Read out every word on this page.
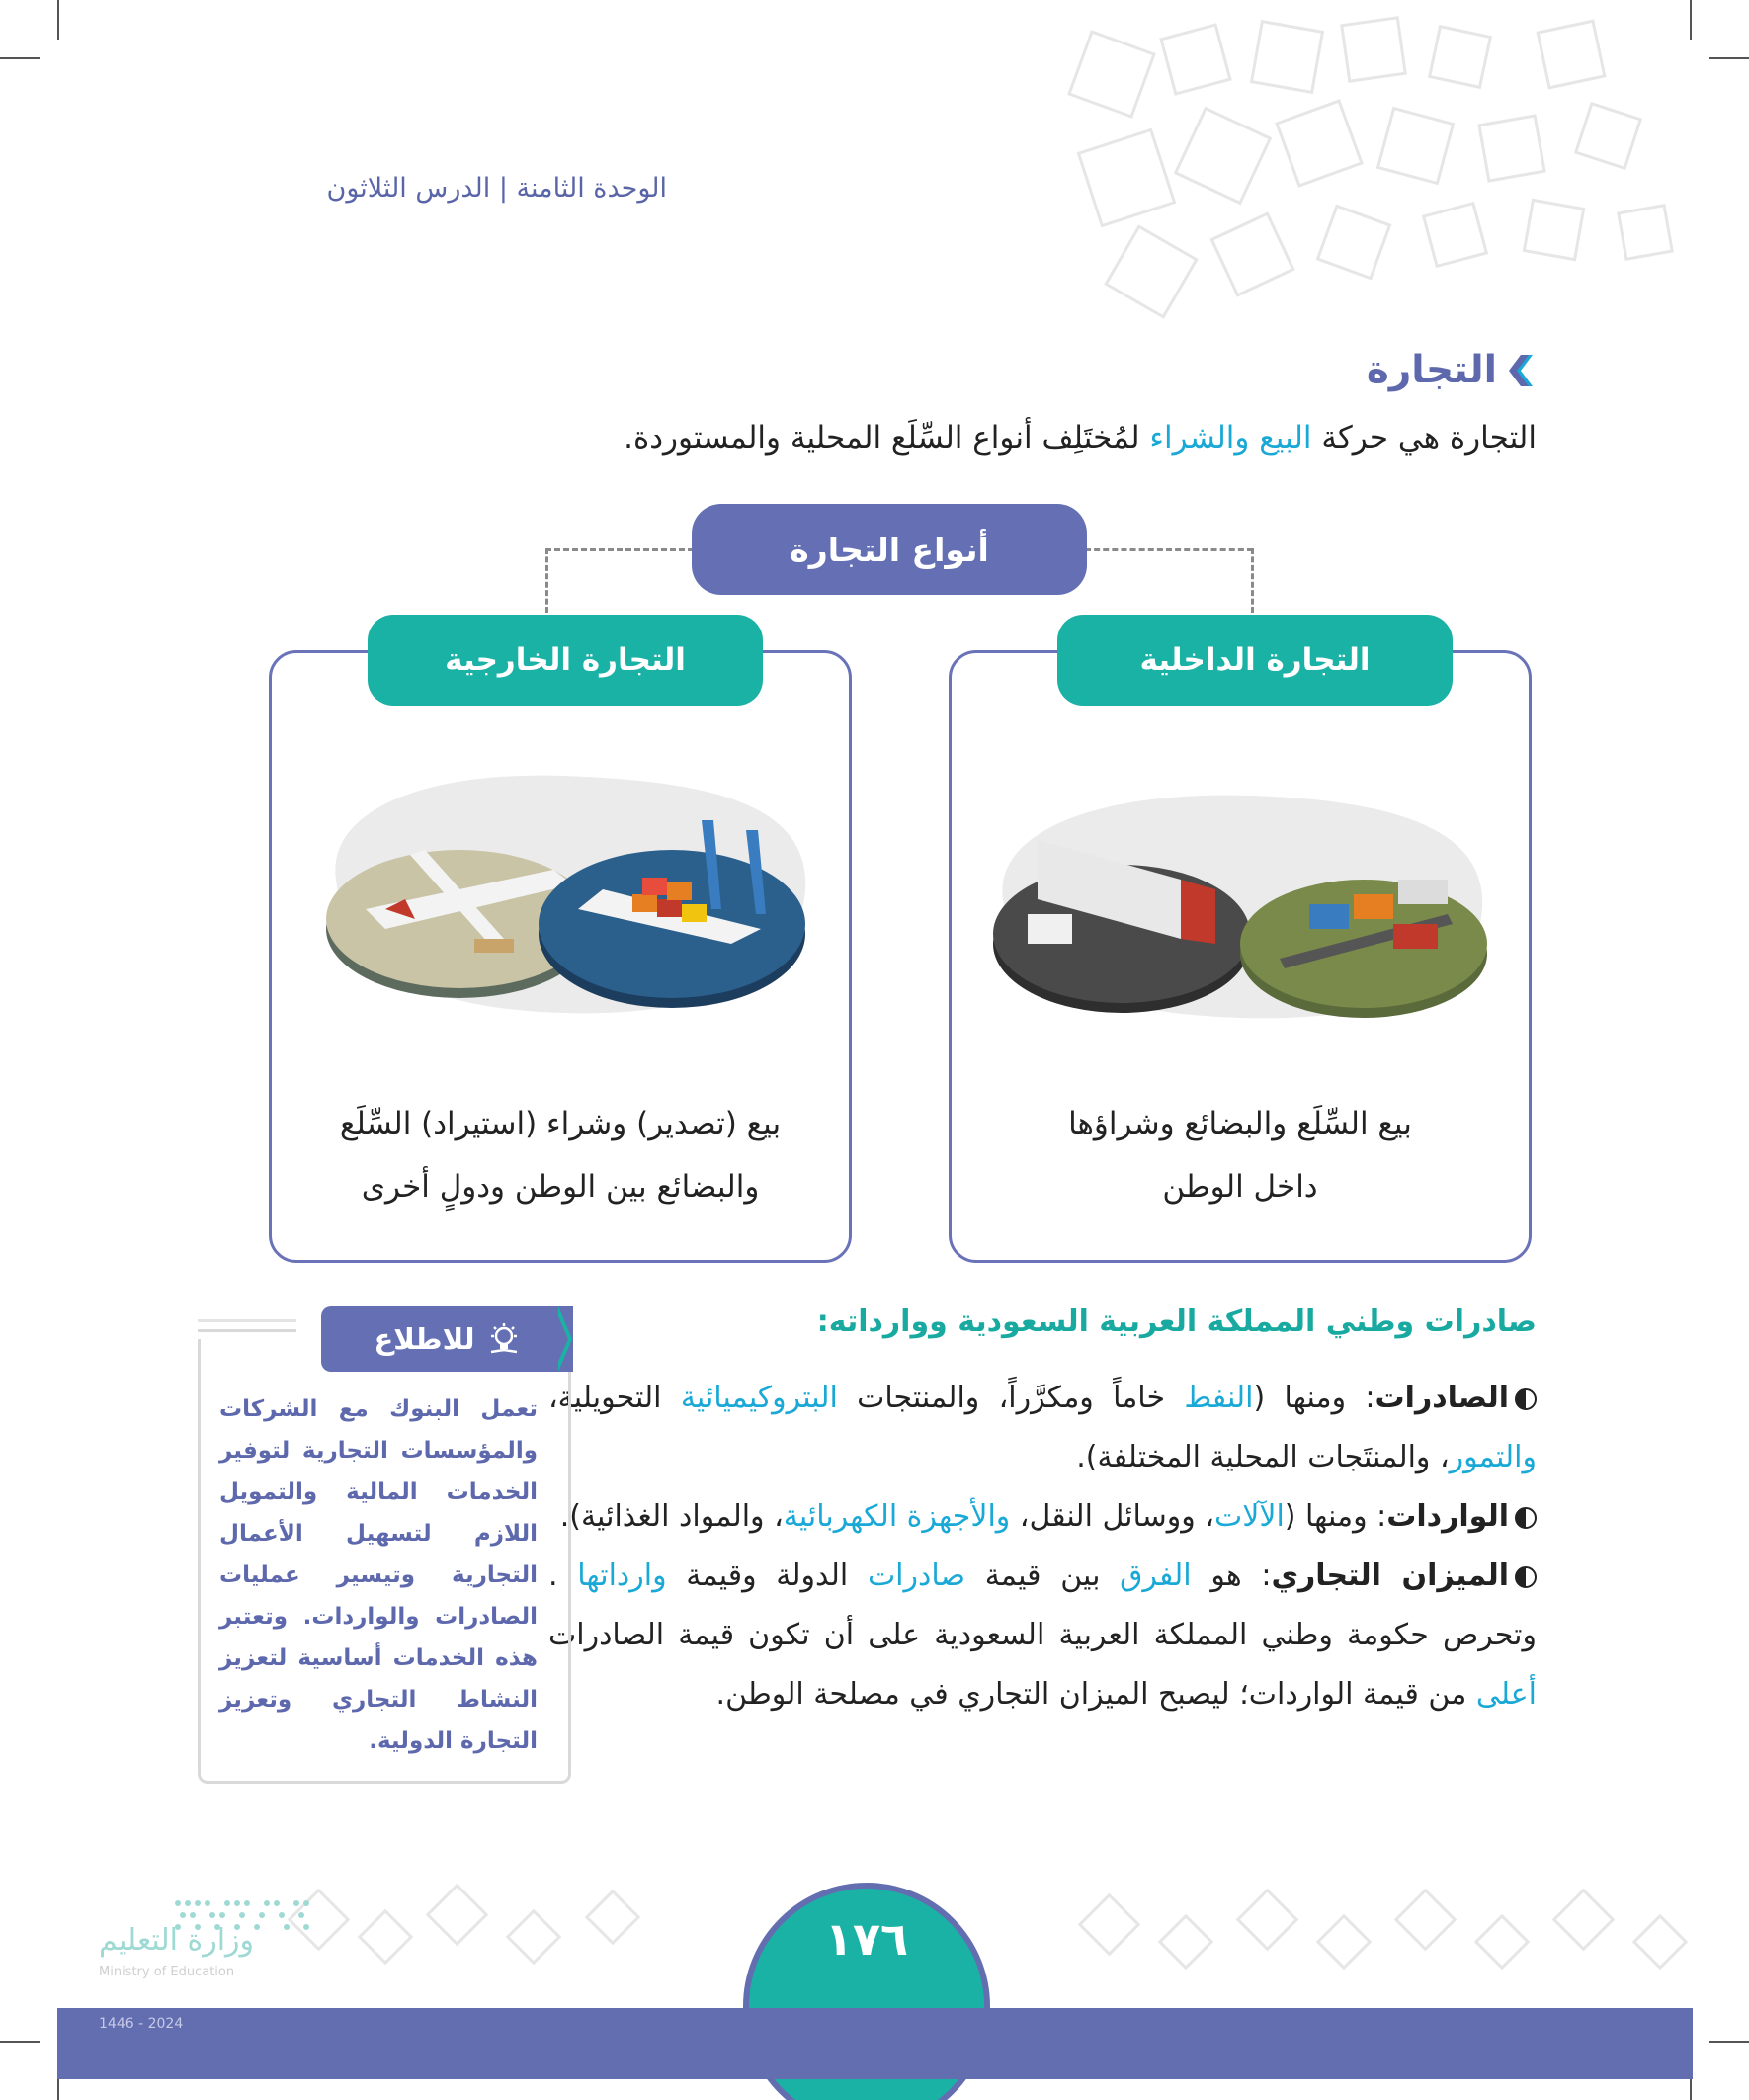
الوحدة الثامنة | الدرس الثلاثون
التجارة
التجارة هي حركة البيع والشراء لمُختَلِف أنواع السِّلَع المحلية والمستوردة.
أنواع التجارة
التجارة الخارجية
بيع (تصدير) وشراء (استيراد) السِّلَع
والبضائع بين الوطن ودولٍ أخرى
التجارة الداخلية
بيع السِّلَع والبضائع وشراؤها
داخل الوطن
صادرات وطني المملكة العربية السعودية ووارداته:

الصادرات: ومنها (النفط خاماً ومكرَّراً، والمنتجات البتروكيميائية التحويلية، والتمور، والمنتَجات المحلية المختلفة).

الواردات: ومنها (الآلات، ووسائل النقل، والأجهزة الكهربائية، والمواد الغذائية).

الميزان التجاري: هو الفرق بين قيمة صادرات الدولة وقيمة وارداتها . وتحرص حكومة وطني المملكة العربية السعودية على أن تكون قيمة الصادرات أعلى من قيمة الواردات؛ ليصبح الميزان التجاري في مصلحة الوطن.

للاطلاع
تعمل البنوك مع الشركات والمؤسسات التجارية لتوفير الخدمات المالية والتمويل اللازم لتسهيل الأعمال التجارية وتيسير عمليات الصادرات والواردات. وتعتبر هذه الخدمات أساسية لتعزيز النشاط التجاري وتعزيز التجارة الدولية.
١٧٦
وزارة التعليم
Ministry of Education
2024 - 1446
